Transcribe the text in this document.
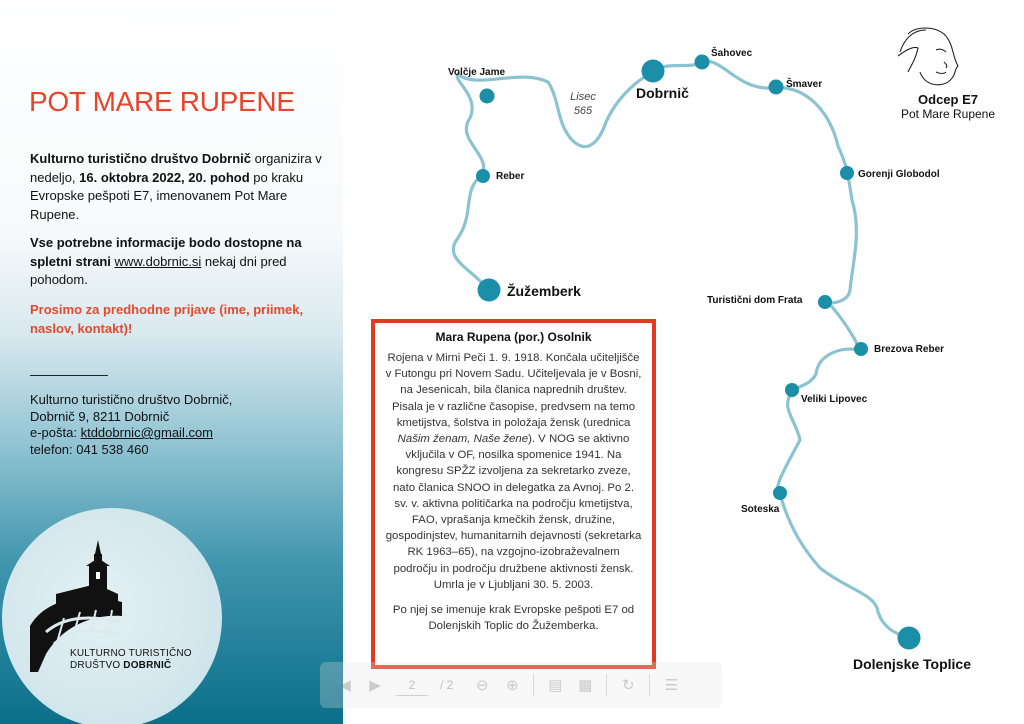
POT MARE RUPENE
Kulturno turistično društvo Dobrnič organizira v nedeljo, 16. oktobra 2022, 20. pohod po kraku Evropske pešpoti E7, imenovanem Pot Mare Rupene.
Vse potrebne informacije bodo dostopne na spletni strani www.dobrnic.si nekaj dni pred pohodom.
Prosimo za predhodne prijave (ime, priimek, naslov, kontakt)!
Kulturno turistično društvo Dobrnič,
Dobrnič 9, 8211 Dobrnič
e-pošta: ktddobrnic@gmail.com
telefon: 041 538 460
KULTURNO TURISTIČNO
DRUŠTVO DOBRNIČ
Volčje Jame
Šahovec
Šmaver
Dobrnič
Reber	Gorenji Globodol
Žužemberk
Turistični dom Frata
Brezova Reber
Veliki Lipovec
Soteska
Dolenjske Toplice
Lisec
565
Odcep E7
Pot Mare Rupene
Mara Rupena (por.) Osolnik
Rojena v Mirni Peči 1. 9. 1918. Končala učiteljišče v Futongu pri Novem Sadu. Učiteljevala je v Bosni, na Jesenicah, bila članica naprednih društev. Pisala je v različne časopise, predvsem na temo kmetijstva, šolstva in položaja žensk (urednica Našim ženam, Naše žene). V NOG se aktivno vključila v OF, nosilka spomenice 1941. Na kongresu SPŽZ izvoljena za sekretarko zveze, nato članica SNOO in delegatka za Avnoj. Po 2. sv. v. aktivna političarka na področju kmetijstva, FAO, vprašanja kmečkih žensk, družine, gospodinjstev, humanitarnih dejavnosti (sekretarka RK 1963–65), na vzgojno-izobraževalnem področju in področju družbene aktivnosti žensk. Umrla je v Ljubljani 30. 5. 2003.
Po njej se imenuje krak Evropske pešpoti E7 od Dolenjskih Toplic do Žužemberka.
◀	▶	2	/ 2	⊖	⊕	▤	▩	↻	☰
